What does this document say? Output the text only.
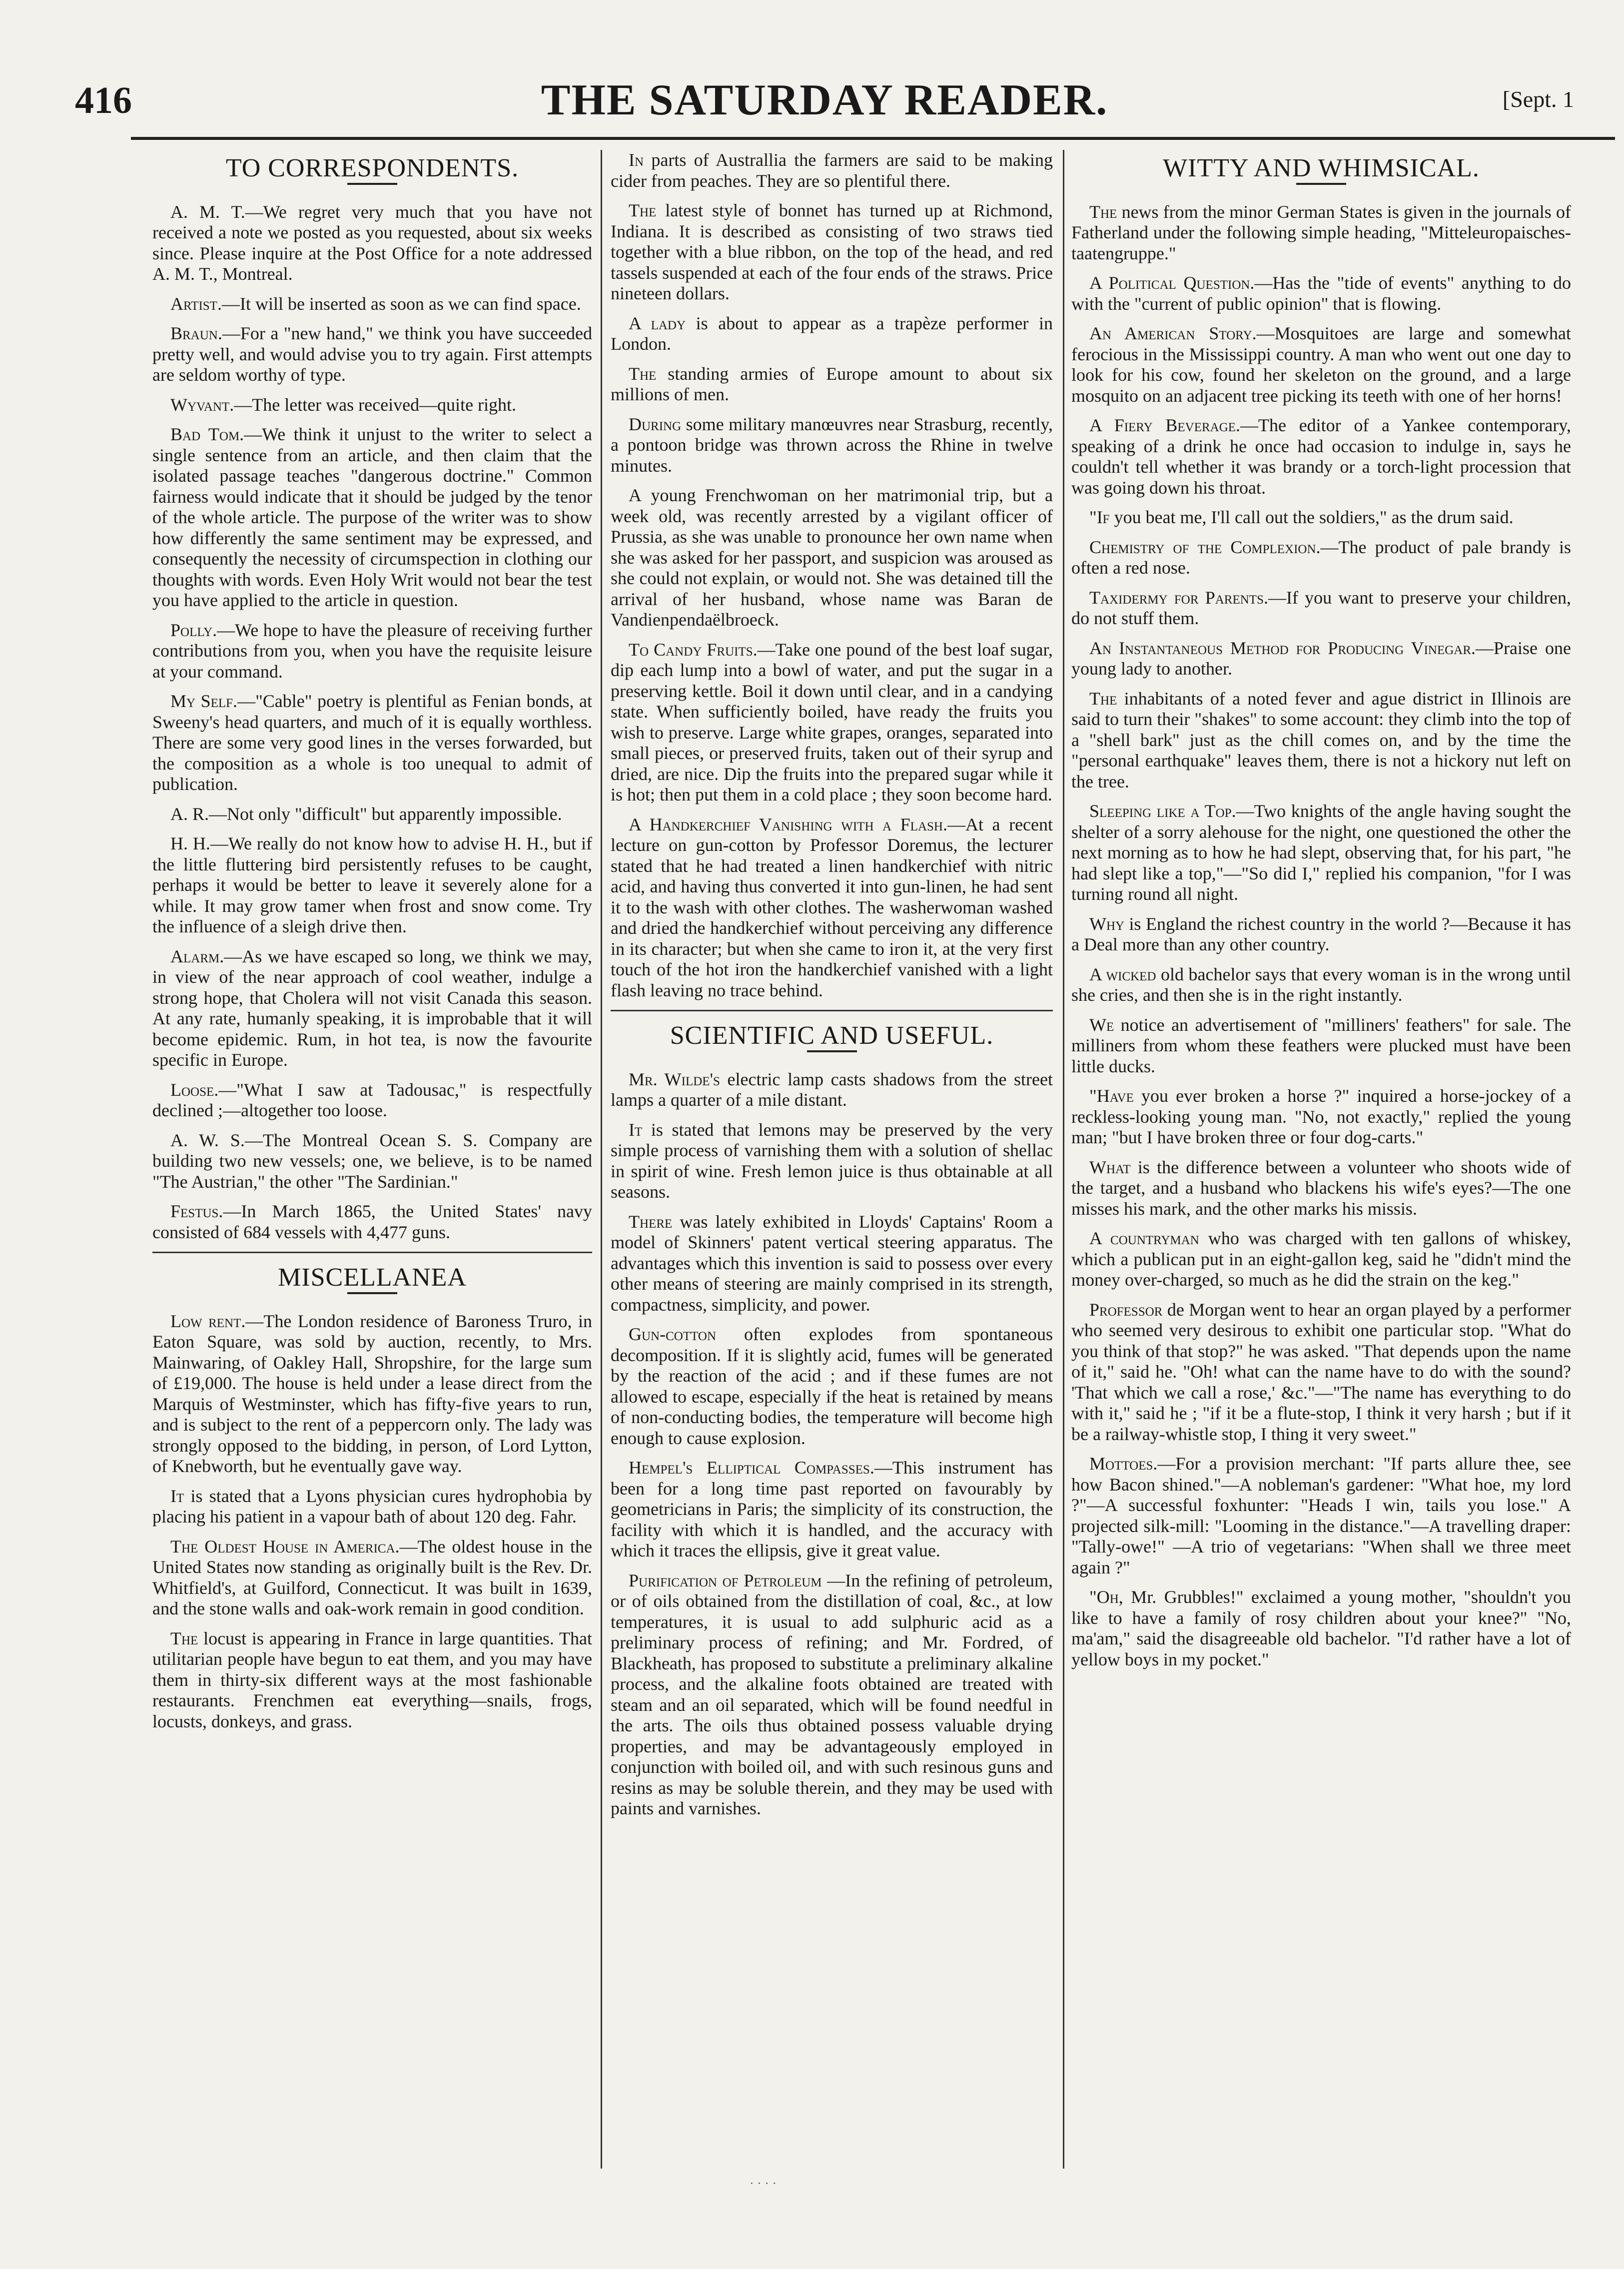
416	THE SATURDAY READER.	[Sept. 1
TO CORRESPONDENTS.

A. M. T.—We regret very much that you have not received a note we posted as you requested, about six weeks since. Please inquire at the Post Office for a note addressed A. M. T., Montreal.

Artist.—It will be inserted as soon as we can find space.

Braun.—For a "new hand," we think you have succeeded pretty well, and would advise you to try again. First attempts are seldom worthy of type.

Wyvant.—The letter was received—quite right.

Bad Tom.—We think it unjust to the writer to select a single sentence from an article, and then claim that the isolated passage teaches "dangerous doctrine." Common fairness would indicate that it should be judged by the tenor of the whole article. The purpose of the writer was to show how differently the same sentiment may be expressed, and consequently the necessity of circumspection in clothing our thoughts with words. Even Holy Writ would not bear the test you have applied to the article in question.

Polly.—We hope to have the pleasure of receiving further contributions from you, when you have the requisite leisure at your command.

My Self.—"Cable" poetry is plentiful as Fenian bonds, at Sweeny's head quarters, and much of it is equally worthless. There are some very good lines in the verses forwarded, but the composition as a whole is too unequal to admit of publication.

A. R.—Not only "difficult" but apparently impossible.

H. H.—We really do not know how to advise H. H., but if the little fluttering bird persistently refuses to be caught, perhaps it would be better to leave it severely alone for a while. It may grow tamer when frost and snow come. Try the influence of a sleigh drive then.

Alarm.—As we have escaped so long, we think we may, in view of the near approach of cool weather, indulge a strong hope, that Cholera will not visit Canada this season. At any rate, humanly speaking, it is improbable that it will become epidemic. Rum, in hot tea, is now the favourite specific in Europe.

Loose.—"What I saw at Tadousac," is respectfully declined ;—altogether too loose.

A. W. S.—The Montreal Ocean S. S. Company are building two new vessels; one, we believe, is to be named "The Austrian," the other "The Sardinian."

Festus.—In March 1865, the United States' navy consisted of 684 vessels with 4,477 guns.

MISCELLANEA

Low rent.—The London residence of Baroness Truro, in Eaton Square, was sold by auction, recently, to Mrs. Mainwaring, of Oakley Hall, Shropshire, for the large sum of £19,000. The house is held under a lease direct from the Marquis of Westminster, which has fifty-five years to run, and is subject to the rent of a peppercorn only. The lady was strongly opposed to the bidding, in person, of Lord Lytton, of Knebworth, but he eventually gave way.

It is stated that a Lyons physician cures hydrophobia by placing his patient in a vapour bath of about 120 deg. Fahr.

The Oldest House in America.—The oldest house in the United States now standing as originally built is the Rev. Dr. Whitfield's, at Guilford, Connecticut. It was built in 1639, and the stone walls and oak-work remain in good condition.

The locust is appearing in France in large quantities. That utilitarian people have begun to eat them, and you may have them in thirty-six different ways at the most fashionable restaurants. Frenchmen eat everything—snails, frogs, locusts, donkeys, and grass.

In parts of Australlia the farmers are said to be making cider from peaches. They are so plentiful there.

The latest style of bonnet has turned up at Richmond, Indiana. It is described as consisting of two straws tied together with a blue ribbon, on the top of the head, and red tassels suspended at each of the four ends of the straws. Price nineteen dollars.

A lady is about to appear as a trapèze performer in London.

The standing armies of Europe amount to about six millions of men.

During some military manœuvres near Strasburg, recently, a pontoon bridge was thrown across the Rhine in twelve minutes.

A young Frenchwoman on her matrimonial trip, but a week old, was recently arrested by a vigilant officer of Prussia, as she was unable to pronounce her own name when she was asked for her passport, and suspicion was aroused as she could not explain, or would not. She was detained till the arrival of her husband, whose name was Baran de Vandienpendaëlbroeck.

To Candy Fruits.—Take one pound of the best loaf sugar, dip each lump into a bowl of water, and put the sugar in a preserving kettle. Boil it down until clear, and in a candying state. When sufficiently boiled, have ready the fruits you wish to preserve. Large white grapes, oranges, separated into small pieces, or preserved fruits, taken out of their syrup and dried, are nice. Dip the fruits into the prepared sugar while it is hot; then put them in a cold place ; they soon become hard.

A Handkerchief Vanishing with a Flash.—At a recent lecture on gun-cotton by Professor Doremus, the lecturer stated that he had treated a linen handkerchief with nitric acid, and having thus converted it into gun-linen, he had sent it to the wash with other clothes. The washerwoman washed and dried the handkerchief without perceiving any difference in its character; but when she came to iron it, at the very first touch of the hot iron the handkerchief vanished with a light flash leaving no trace behind.

SCIENTIFIC AND USEFUL.

Mr. Wilde's electric lamp casts shadows from the street lamps a quarter of a mile distant.

It is stated that lemons may be preserved by the very simple process of varnishing them with a solution of shellac in spirit of wine. Fresh lemon juice is thus obtainable at all seasons.

There was lately exhibited in Lloyds' Captains' Room a model of Skinners' patent vertical steering apparatus. The advantages which this invention is said to possess over every other means of steering are mainly comprised in its strength, compactness, simplicity, and power.

Gun-cotton often explodes from spontaneous decomposition. If it is slightly acid, fumes will be generated by the reaction of the acid ; and if these fumes are not allowed to escape, especially if the heat is retained by means of non-conducting bodies, the temperature will become high enough to cause explosion.

Hempel's Elliptical Compasses.—This instrument has been for a long time past reported on favourably by geometricians in Paris; the simplicity of its construction, the facility with which it is handled, and the accuracy with which it traces the ellipsis, give it great value.

Purification of Petroleum —In the refining of petroleum, or of oils obtained from the distillation of coal, &c., at low temperatures, it is usual to add sulphuric acid as a preliminary process of refining; and Mr. Fordred, of Blackheath, has proposed to substitute a preliminary alkaline process, and the alkaline foots obtained are treated with steam and an oil separated, which will be found needful in the arts. The oils thus obtained possess valuable drying properties, and may be advantageously employed in conjunction with boiled oil, and with such resinous guns and resins as may be soluble therein, and they may be used with paints and varnishes.

WITTY AND WHIMSICAL.

The news from the minor German States is given in the journals of Fatherland under the following simple heading, "Mitteleuropaisches-taatengruppe."

A Political Question.—Has the "tide of events" anything to do with the "current of public opinion" that is flowing.

An American Story.—Mosquitoes are large and somewhat ferocious in the Mississippi country. A man who went out one day to look for his cow, found her skeleton on the ground, and a large mosquito on an adjacent tree picking its teeth with one of her horns!

A Fiery Beverage.—The editor of a Yankee contemporary, speaking of a drink he once had occasion to indulge in, says he couldn't tell whether it was brandy or a torch-light procession that was going down his throat.

"If you beat me, I'll call out the soldiers," as the drum said.

Chemistry of the Complexion.—The product of pale brandy is often a red nose.

Taxidermy for Parents.—If you want to preserve your children, do not stuff them.

An Instantaneous Method for Producing Vinegar.—Praise one young lady to another.

The inhabitants of a noted fever and ague district in Illinois are said to turn their "shakes" to some account: they climb into the top of a "shell bark" just as the chill comes on, and by the time the "personal earthquake" leaves them, there is not a hickory nut left on the tree.

Sleeping like a Top.—Two knights of the angle having sought the shelter of a sorry alehouse for the night, one questioned the other the next morning as to how he had slept, observing that, for his part, "he had slept like a top,"—"So did I," replied his companion, "for I was turning round all night.

Why is England the richest country in the world ?—Because it has a Deal more than any other country.

A wicked old bachelor says that every woman is in the wrong until she cries, and then she is in the right instantly.

We notice an advertisement of "milliners' feathers" for sale. The milliners from whom these feathers were plucked must have been little ducks.

"Have you ever broken a horse ?" inquired a horse-jockey of a reckless-looking young man. "No, not exactly," replied the young man; "but I have broken three or four dog-carts."

What is the difference between a volunteer who shoots wide of the target, and a husband who blackens his wife's eyes?—The one misses his mark, and the other marks his missis.

A countryman who was charged with ten gallons of whiskey, which a publican put in an eight-gallon keg, said he "didn't mind the money over-charged, so much as he did the strain on the keg."

Professor de Morgan went to hear an organ played by a performer who seemed very desirous to exhibit one particular stop. "What do you think of that stop?" he was asked. "That depends upon the name of it," said he. "Oh! what can the name have to do with the sound? 'That which we call a rose,' &c."—"The name has everything to do with it," said he ; "if it be a flute-stop, I think it very harsh ; but if it be a railway-whistle stop, I thing it very sweet."

Mottoes.—For a provision merchant: "If parts allure thee, see how Bacon shined."—A nobleman's gardener: "What hoe, my lord ?"—A successful foxhunter: "Heads I win, tails you lose." A projected silk-mill: "Looming in the distance."—A travelling draper: "Tally-owe!" —A trio of vegetarians: "When shall we three meet again ?"

"Oh, Mr. Grubbles!" exclaimed a young mother, "shouldn't you like to have a family of rosy children about your knee?" "No, ma'am," said the disagreeable old bachelor. "I'd rather have a lot of yellow boys in my pocket."

· · · ·
